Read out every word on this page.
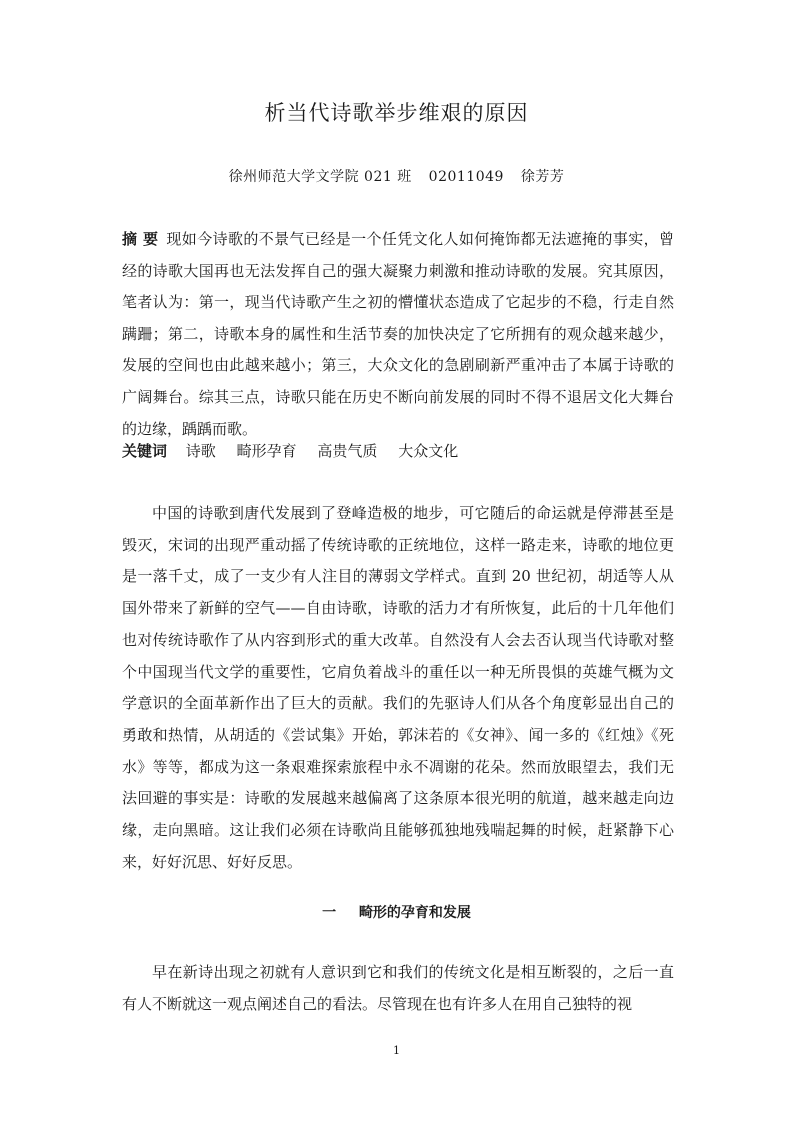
析当代诗歌举步维艰的原因
徐州师范大学文学院 021 班 02011049 徐芳芳

摘 要 现如今诗歌的不景气已经是一个任凭文化人如何掩饰都无法遮掩的事实，曾经的诗歌大国再也无法发挥自己的强大凝聚力刺激和推动诗歌的发展。究其原因，笔者认为：第一，现当代诗歌产生之初的懵懂状态造成了它起步的不稳，行走自然蹒跚；第二，诗歌本身的属性和生活节奏的加快决定了它所拥有的观众越来越少，发展的空间也由此越来越小；第三，大众文化的急剧刷新严重冲击了本属于诗歌的广阔舞台。综其三点，诗歌只能在历史不断向前发展的同时不得不退居文化大舞台的边缘，踽踽而歌。

关键词 诗歌 畸形孕育 高贵气质 大众文化

中国的诗歌到唐代发展到了登峰造极的地步，可它随后的命运就是停滞甚至是毁灭，宋词的出现严重动摇了传统诗歌的正统地位，这样一路走来，诗歌的地位更是一落千丈，成了一支少有人注目的薄弱文学样式。直到 20 世纪初，胡适等人从国外带来了新鲜的空气——自由诗歌，诗歌的活力才有所恢复，此后的十几年他们也对传统诗歌作了从内容到形式的重大改革。自然没有人会去否认现当代诗歌对整个中国现当代文学的重要性，它肩负着战斗的重任以一种无所畏惧的英雄气概为文学意识的全面革新作出了巨大的贡献。我们的先驱诗人们从各个角度彰显出自己的勇敢和热情，从胡适的《尝试集》开始，郭沫若的《女神》、闻一多的《红烛》《死水》等等，都成为这一条艰难探索旅程中永不凋谢的花朵。然而放眼望去，我们无法回避的事实是：诗歌的发展越来越偏离了这条原本很光明的航道，越来越走向边缘，走向黑暗。这让我们必须在诗歌尚且能够孤独地残喘起舞的时候，赶紧静下心来，好好沉思、好好反思。

一 畸形的孕育和发展

早在新诗出现之初就有人意识到它和我们的传统文化是相互断裂的，之后一直有人不断就这一观点阐述自己的看法。尽管现在也有许多人在用自己独特的视

1
